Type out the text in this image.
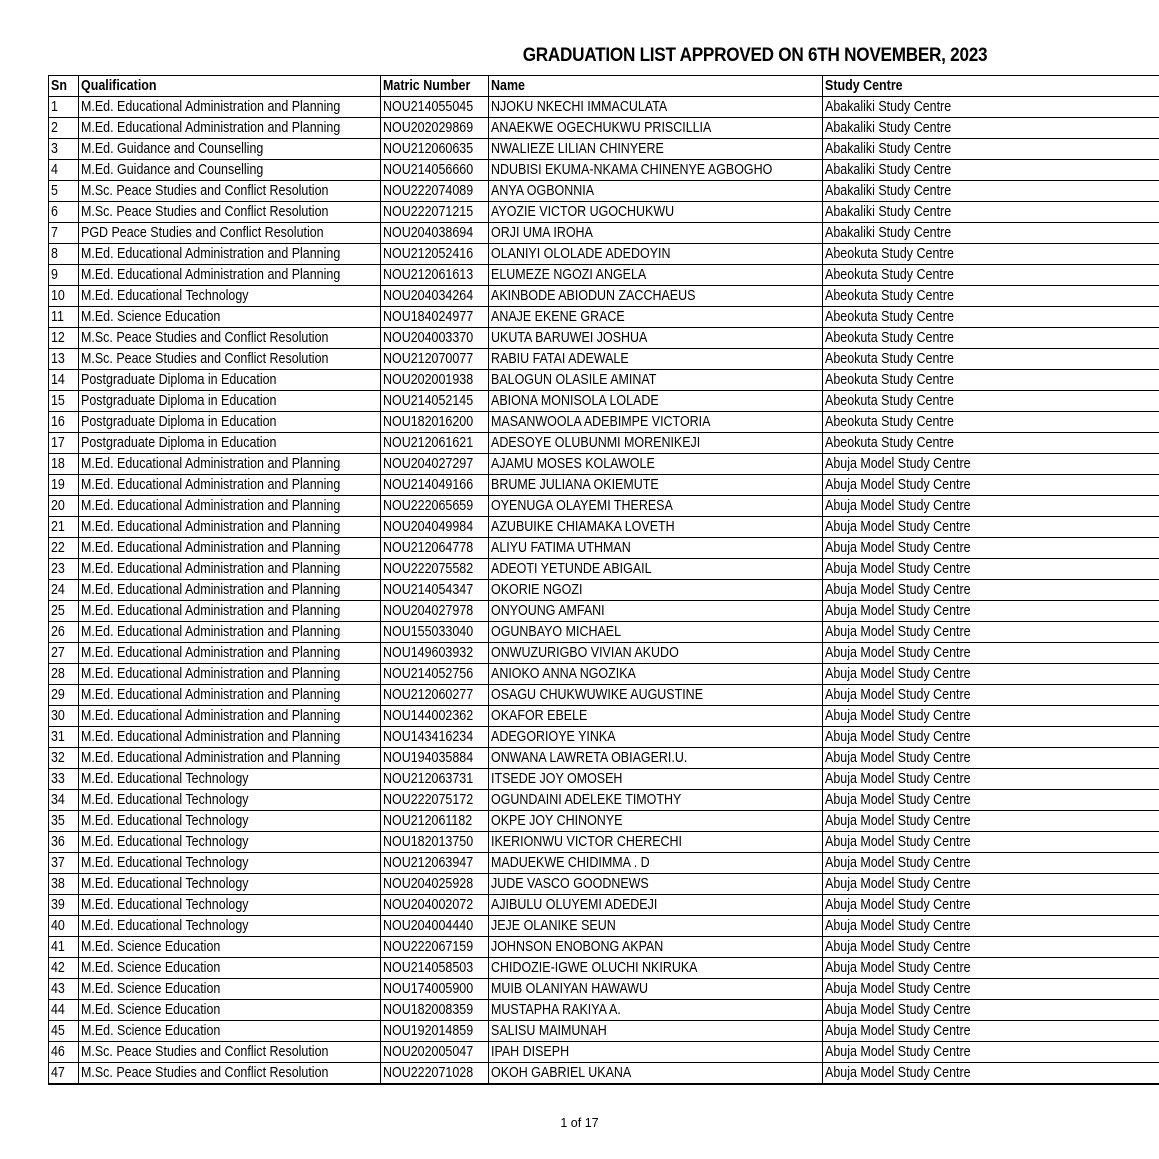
GRADUATION LIST APPROVED ON 6TH NOVEMBER, 2023
Sn	Qualification	Matric Number	Name	Study Centre
1	M.Ed. Educational Administration and Planning	NOU214055045	NJOKU NKECHI IMMACULATA	Abakaliki Study Centre
2	M.Ed. Educational Administration and Planning	NOU202029869	ANAEKWE OGECHUKWU PRISCILLIA	Abakaliki Study Centre
3	M.Ed. Guidance and Counselling	NOU212060635	NWALIEZE LILIAN CHINYERE	Abakaliki Study Centre
4	M.Ed. Guidance and Counselling	NOU214056660	NDUBISI EKUMA-NKAMA CHINENYE AGBOGHO	Abakaliki Study Centre
5	M.Sc. Peace Studies and Conflict Resolution	NOU222074089	ANYA OGBONNIA	Abakaliki Study Centre
6	M.Sc. Peace Studies and Conflict Resolution	NOU222071215	AYOZIE VICTOR UGOCHUKWU	Abakaliki Study Centre
7	PGD Peace Studies and Conflict Resolution	NOU204038694	ORJI UMA IROHA	Abakaliki Study Centre
8	M.Ed. Educational Administration and Planning	NOU212052416	OLANIYI OLOLADE ADEDOYIN	Abeokuta Study Centre
9	M.Ed. Educational Administration and Planning	NOU212061613	ELUMEZE NGOZI ANGELA	Abeokuta Study Centre
10	M.Ed. Educational Technology	NOU204034264	AKINBODE ABIODUN ZACCHAEUS	Abeokuta Study Centre
11	M.Ed. Science Education	NOU184024977	ANAJE EKENE GRACE	Abeokuta Study Centre
12	M.Sc. Peace Studies and Conflict Resolution	NOU204003370	UKUTA BARUWEI JOSHUA	Abeokuta Study Centre
13	M.Sc. Peace Studies and Conflict Resolution	NOU212070077	RABIU FATAI ADEWALE	Abeokuta Study Centre
14	Postgraduate Diploma in Education	NOU202001938	BALOGUN OLASILE AMINAT	Abeokuta Study Centre
15	Postgraduate Diploma in Education	NOU214052145	ABIONA MONISOLA LOLADE	Abeokuta Study Centre
16	Postgraduate Diploma in Education	NOU182016200	MASANWOOLA ADEBIMPE VICTORIA	Abeokuta Study Centre
17	Postgraduate Diploma in Education	NOU212061621	ADESOYE OLUBUNMI MORENIKEJI	Abeokuta Study Centre
18	M.Ed. Educational Administration and Planning	NOU204027297	AJAMU MOSES KOLAWOLE	Abuja Model Study Centre
19	M.Ed. Educational Administration and Planning	NOU214049166	BRUME JULIANA OKIEMUTE	Abuja Model Study Centre
20	M.Ed. Educational Administration and Planning	NOU222065659	OYENUGA OLAYEMI THERESA	Abuja Model Study Centre
21	M.Ed. Educational Administration and Planning	NOU204049984	AZUBUIKE CHIAMAKA LOVETH	Abuja Model Study Centre
22	M.Ed. Educational Administration and Planning	NOU212064778	ALIYU FATIMA UTHMAN	Abuja Model Study Centre
23	M.Ed. Educational Administration and Planning	NOU222075582	ADEOTI YETUNDE ABIGAIL	Abuja Model Study Centre
24	M.Ed. Educational Administration and Planning	NOU214054347	OKORIE NGOZI	Abuja Model Study Centre
25	M.Ed. Educational Administration and Planning	NOU204027978	ONYOUNG AMFANI	Abuja Model Study Centre
26	M.Ed. Educational Administration and Planning	NOU155033040	OGUNBAYO MICHAEL	Abuja Model Study Centre
27	M.Ed. Educational Administration and Planning	NOU149603932	ONWUZURIGBO VIVIAN AKUDO	Abuja Model Study Centre
28	M.Ed. Educational Administration and Planning	NOU214052756	ANIOKO ANNA NGOZIKA	Abuja Model Study Centre
29	M.Ed. Educational Administration and Planning	NOU212060277	OSAGU CHUKWUWIKE AUGUSTINE	Abuja Model Study Centre
30	M.Ed. Educational Administration and Planning	NOU144002362	OKAFOR EBELE	Abuja Model Study Centre
31	M.Ed. Educational Administration and Planning	NOU143416234	ADEGORIOYE YINKA	Abuja Model Study Centre
32	M.Ed. Educational Administration and Planning	NOU194035884	ONWANA LAWRETA OBIAGERI.U.	Abuja Model Study Centre
33	M.Ed. Educational Technology	NOU212063731	ITSEDE JOY OMOSEH	Abuja Model Study Centre
34	M.Ed. Educational Technology	NOU222075172	OGUNDAINI ADELEKE TIMOTHY	Abuja Model Study Centre
35	M.Ed. Educational Technology	NOU212061182	OKPE JOY CHINONYE	Abuja Model Study Centre
36	M.Ed. Educational Technology	NOU182013750	IKERIONWU VICTOR CHERECHI	Abuja Model Study Centre
37	M.Ed. Educational Technology	NOU212063947	MADUEKWE CHIDIMMA . D	Abuja Model Study Centre
38	M.Ed. Educational Technology	NOU204025928	JUDE VASCO GOODNEWS	Abuja Model Study Centre
39	M.Ed. Educational Technology	NOU204002072	AJIBULU OLUYEMI ADEDEJI	Abuja Model Study Centre
40	M.Ed. Educational Technology	NOU204004440	JEJE OLANIKE SEUN	Abuja Model Study Centre
41	M.Ed. Science Education	NOU222067159	JOHNSON ENOBONG AKPAN	Abuja Model Study Centre
42	M.Ed. Science Education	NOU214058503	CHIDOZIE-IGWE OLUCHI NKIRUKA	Abuja Model Study Centre
43	M.Ed. Science Education	NOU174005900	MUIB OLANIYAN HAWAWU	Abuja Model Study Centre
44	M.Ed. Science Education	NOU182008359	MUSTAPHA RAKIYA A.	Abuja Model Study Centre
45	M.Ed. Science Education	NOU192014859	SALISU MAIMUNAH	Abuja Model Study Centre
46	M.Sc. Peace Studies and Conflict Resolution	NOU202005047	IPAH DISEPH	Abuja Model Study Centre
47	M.Sc. Peace Studies and Conflict Resolution	NOU222071028	OKOH GABRIEL UKANA	Abuja Model Study Centre
1 of 17
